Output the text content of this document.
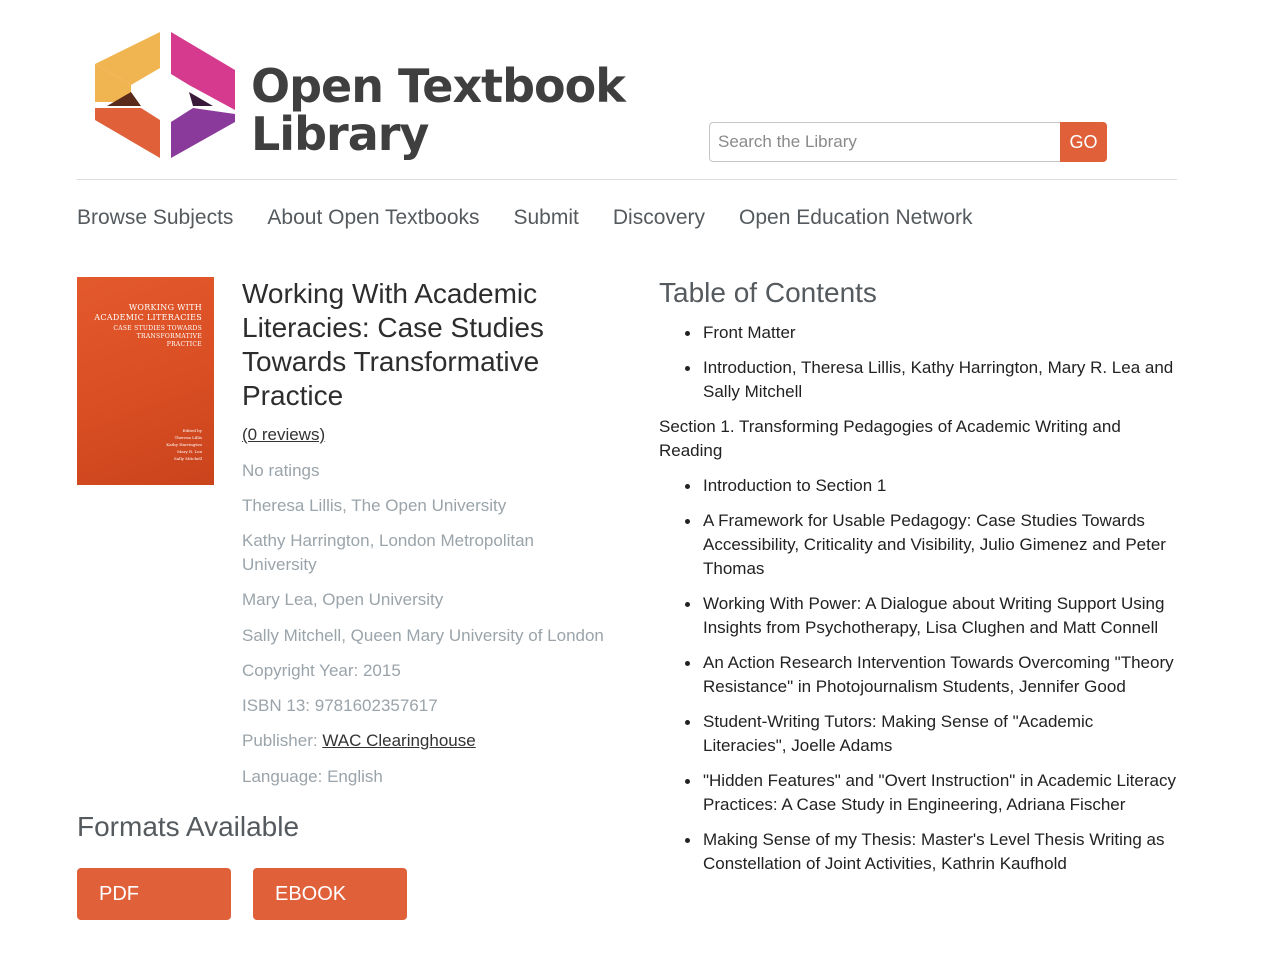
Open Textbook
Library
Search the Library	GO
Browse Subjects About Open Textbooks Submit Discovery Open Education Network
WORKING WITH
ACADEMIC LITERACIES
CASE STUDIES TOWARDS
TRANSFORMATIVE
PRACTICE
Edited by
Theresa Lillis
Kathy Harrington
Mary R. Lea
Sally Mitchell
Working With Academic Literacies: Case Studies Towards Transformative Practice
(0 reviews)
No ratings
Theresa Lillis, The Open University
Kathy Harrington, London Metropolitan University
Mary Lea, Open University
Sally Mitchell, Queen Mary University of London
Copyright Year: 2015
ISBN 13: 9781602357617
Publisher: WAC Clearinghouse
Language: English
Formats Available
PDF	EBOOK
Table of Contents
Front Matter
Introduction, Theresa Lillis, Kathy Harrington, Mary R. Lea and Sally Mitchell
Section 1. Transforming Pedagogies of Academic Writing and Reading
Introduction to Section 1
A Framework for Usable Pedagogy: Case Studies Towards Accessibility, Criticality and Visibility, Julio Gimenez and Peter Thomas
Working With Power: A Dialogue about Writing Support Using Insights from Psychotherapy, Lisa Clughen and Matt Connell
An Action Research Intervention Towards Overcoming "Theory Resistance" in Photojournalism Students, Jennifer Good
Student-Writing Tutors: Making Sense of "Academic Literacies", Joelle Adams
"Hidden Features" and "Overt Instruction" in Academic Literacy Practices: A Case Study in Engineering, Adriana Fischer
Making Sense of my Thesis: Master's Level Thesis Writing as Constellation of Joint Activities, Kathrin Kaufhold
